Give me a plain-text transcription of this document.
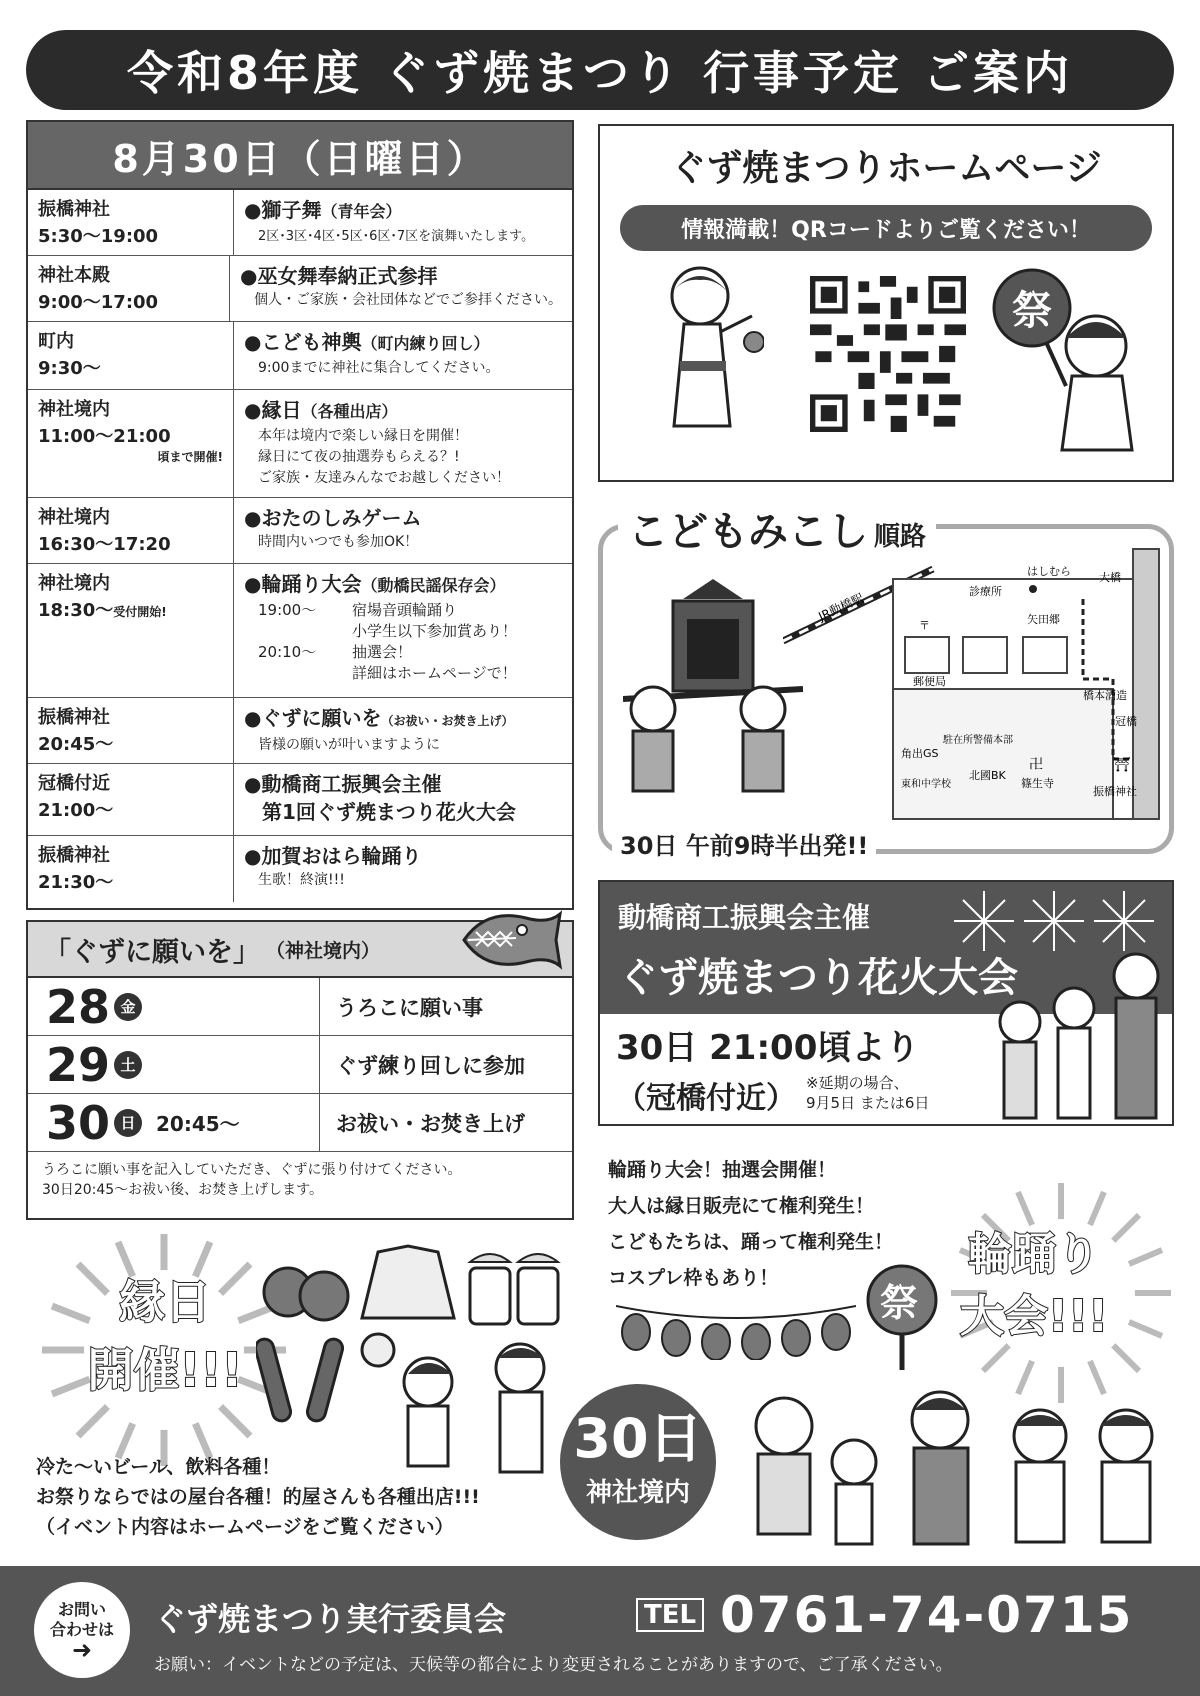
令和8年度 ぐず焼まつり 行事予定 ご案内
8月30日（日曜日）
振橋神社
5:30〜19:00
●獅子舞（青年会）
2区･3区･4区･5区･6区･7区を演舞いたします。
神社本殿
9:00〜17:00
●巫女舞奉納正式参拝
個人・ご家族・会社団体などでご参拝ください。
町内
9:30〜
●こども神輿（町内練り回し）
9:00までに神社に集合してください。
神社境内
11:00〜21:00
頃まで開催!
●縁日（各種出店）
本年は境内で楽しい縁日を開催！
縁日にて夜の抽選券もらえる？!
ご家族・友達みんなでお越しください！
神社境内
16:30〜17:20
●おたのしみゲーム
時間内いつでも参加OK！
神社境内
18:30〜受付開始!
●輪踊り大会（動橋民謡保存会）
19:00〜	宿場音頭輪踊り
小学生以下参加賞あり！
20:10〜	抽選会！
詳細はホームページで！
振橋神社
20:45〜
●ぐずに願いを（お祓い・お焚き上げ）
皆様の願いが叶いますように
冠橋付近
21:00〜
●動橋商工振興会主催
第1回ぐず焼まつり花火大会
振橋神社
21:30〜
●加賀おはら輪踊り
生歌！終演!!!
「ぐずに願いを」 （神社境内）
28 金	うろこに願い事
29 土	ぐず練り回しに参加
30 日	20:45〜	お祓い・お焚き上げ
うろこに願い事を記入していただき、ぐずに張り付けてください。
30日20:45〜お祓い後、お焚き上げします。
ぐず焼まつりホームページ
情報満載！QRコードよりご覧ください！
祭
JR動橋駅
はしむら
診療所
大橋
矢田郷
〒
郵便局
橋本酒造
冠橋
角出GS
駐在所警備本部
北國BK
東和中学校
卍
篠生寺
⛩
振橋神社
こどもみこし 順路
30日 午前9時半出発!!
動橋商工振興会主催
ぐず焼まつり花火大会
30日 21:00頃より
（冠橋付近） ※延期の場合、
9月5日 または6日
輪踊り大会！抽選会開催！
大人は縁日販売にて権利発生！
こどもたちは、踊って権利発生！
コスプレ枠もあり！	輪踊り
大会!!!
祭
縁日
開催!!!
30日
神社境内
冷た〜いビール、飲料各種！
お祭りならではの屋台各種！的屋さんも各種出店!!!
（イベント内容はホームページをご覧ください）
お問い
合わせは
➜
ぐず焼まつり実行委員会	TEL 0761-74-0715
お願い：イベントなどの予定は、天候等の都合により変更されることがありますので、ご了承ください。
